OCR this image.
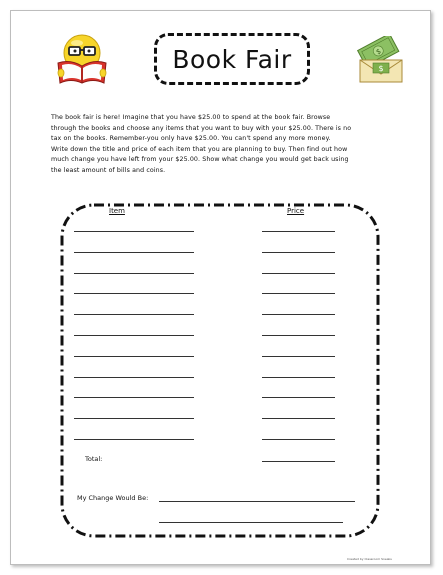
Book Fair	$
$
The book fair is here! Imagine that you have $25.00 to spend at the book fair. Browse
through the books and choose any items that you want to buy with your $25.00. There is no
tax on the books. Remember-you only have $25.00. You can't spend any more money.
Write down the title and price of each item that you are planning to buy. Then find out how
much change you have left from your $25.00. Show what change you would get back using
the least amount of bills and coins.
Item	Price
Total:
My Change Would Be:
Created by Classroom Sneaks
